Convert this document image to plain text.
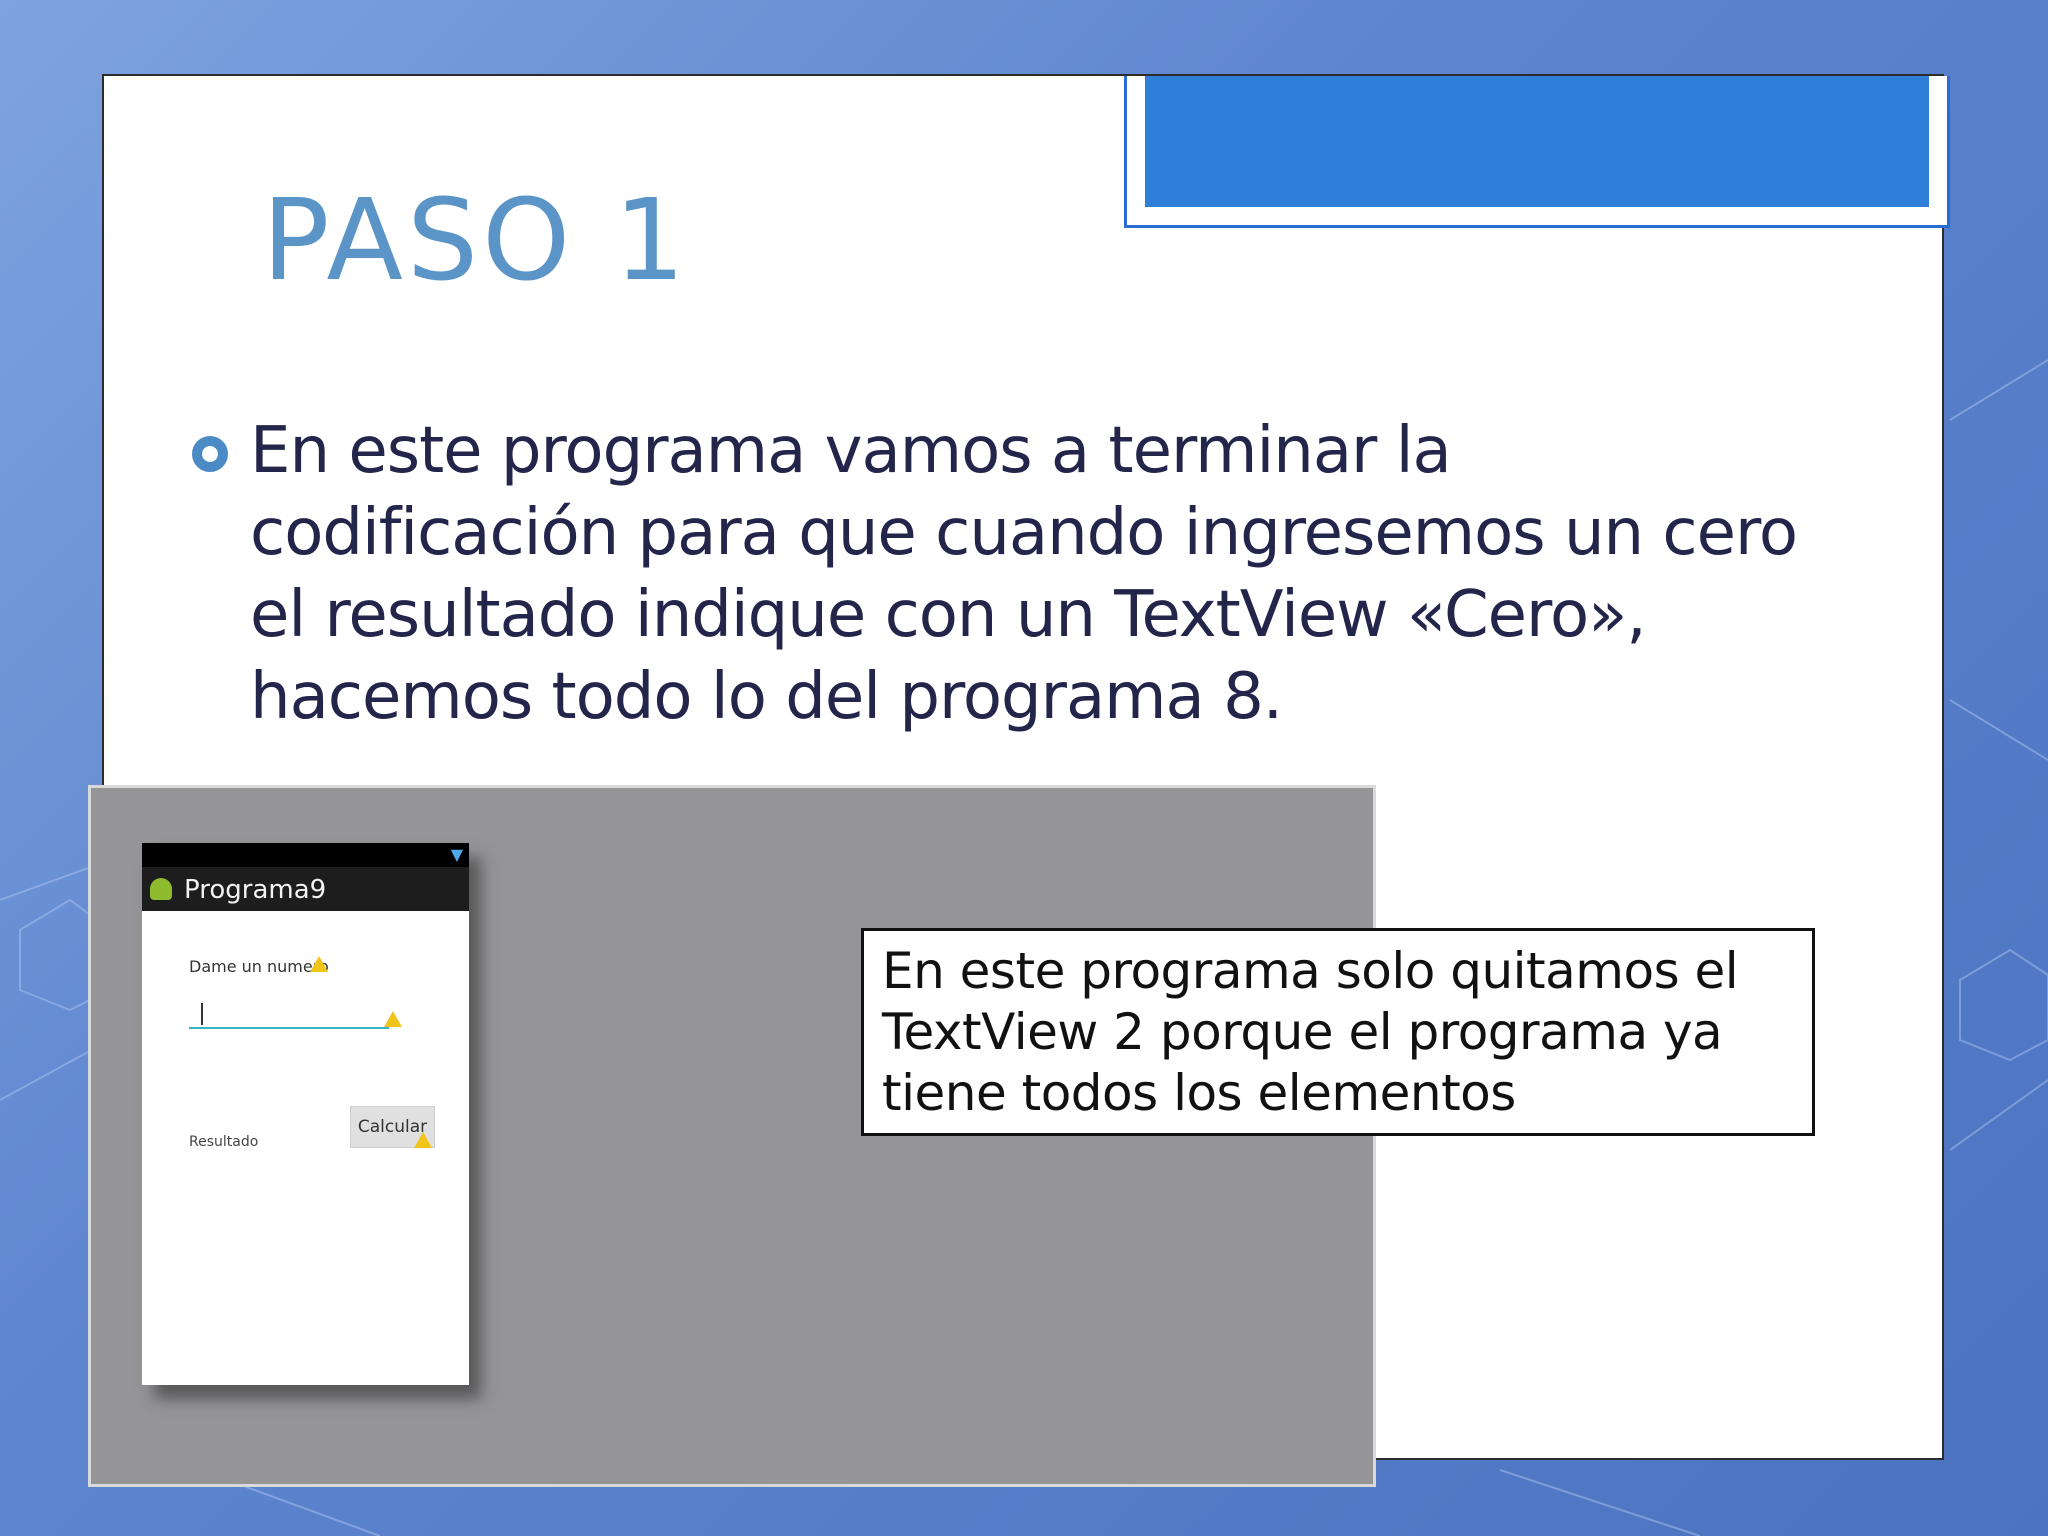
PASO 1

En este programa vamos a terminar la codificación para que cuando ingresemos un cero el resultado indique con un TextView «Cero», hacemos todo lo del programa 8.

▼
Programa9
Dame un numero
Calcular
Resultado

En este programa solo quitamos el TextView 2 porque el programa ya tiene todos los elementos
